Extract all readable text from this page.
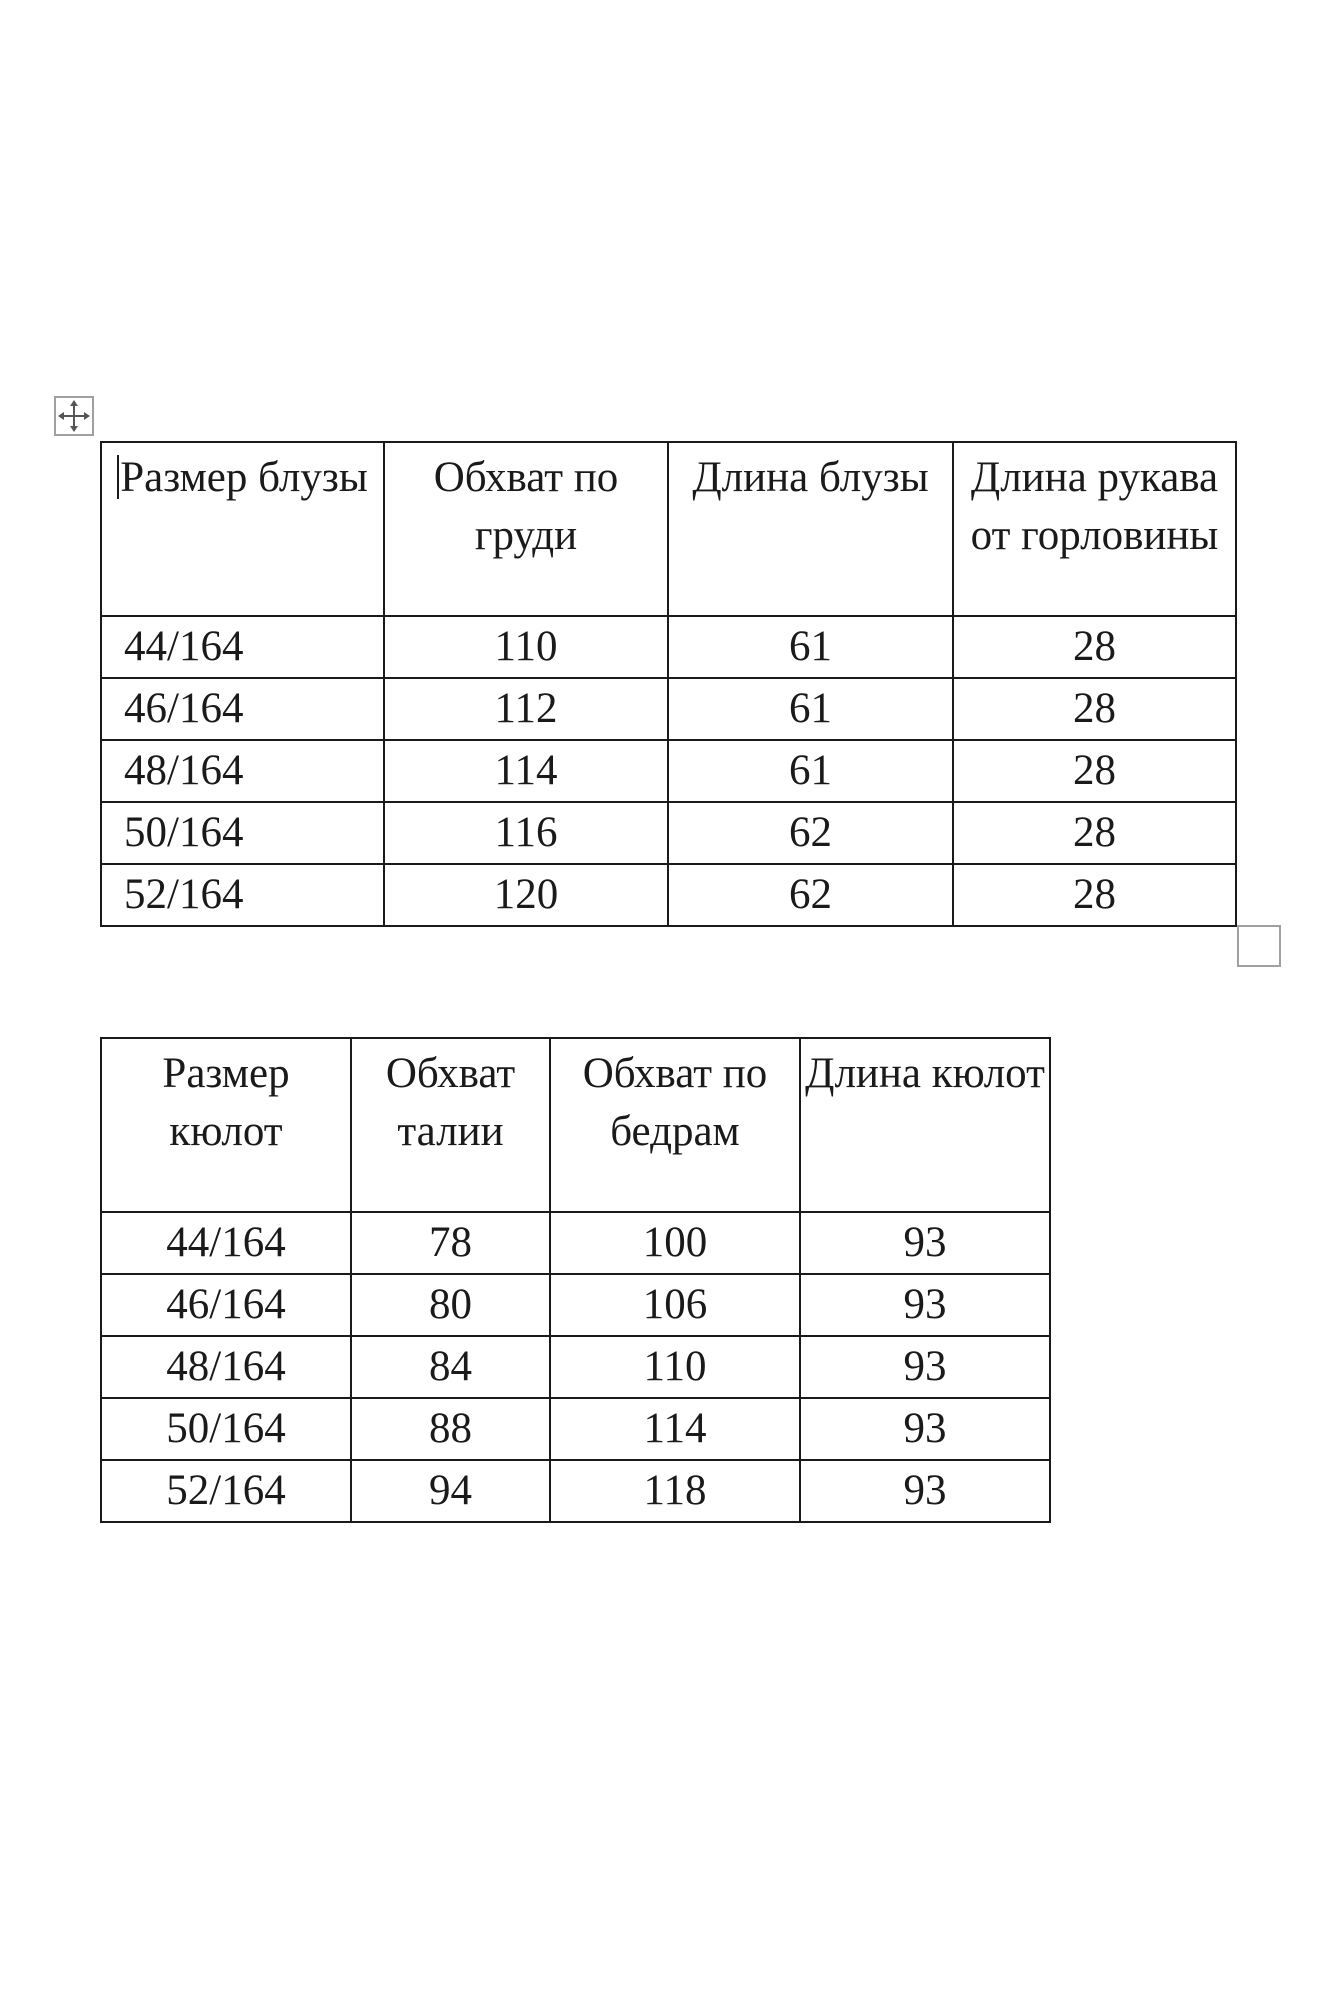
Размер блузы	Обхват по груди	Длина блузы	Длина рукава от горловины
44/164	110	61	28
46/164	112	61	28
48/164	114	61	28
50/164	116	62	28
52/164	120	62	28
Размер кюлот	Обхват талии	Обхват по бедрам	Длина кюлот
44/164	78	100	93
46/164	80	106	93
48/164	84	110	93
50/164	88	114	93
52/164	94	118	93
